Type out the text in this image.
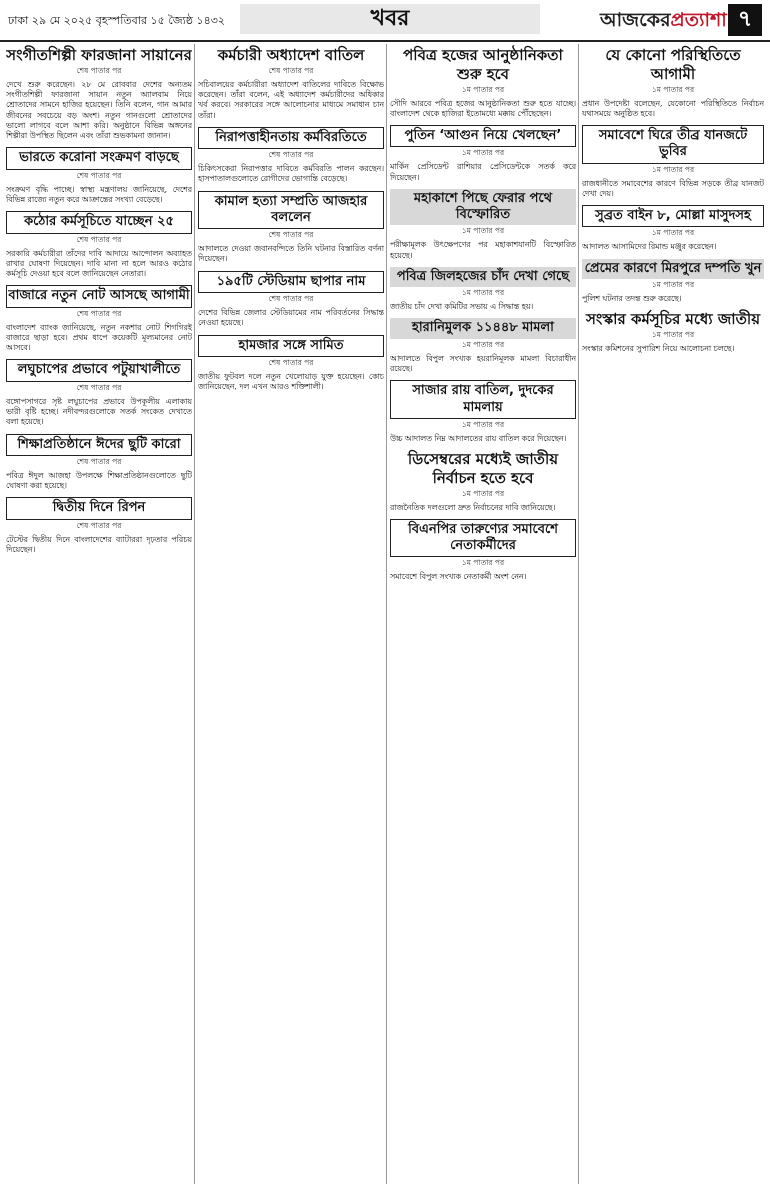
ঢাকা ২৯ মে ২০২৫ বৃহস্পতিবার ১৫ জ্যৈষ্ঠ ১৪৩২	খবর	আজকেরপ্রত্যাশা ৭
সংগীতশিল্পী ফারজানা সায়ানের
শেষ পাতার পর
দেখে শুরু করেছেন। ২৮ মে রোববার দেশের অন্যতম সংগীতশিল্পী ফারজানা সায়ান নতুন অ্যালবাম নিয়ে শ্রোতাদের সামনে হাজির হয়েছেন। তিনি বলেন, গান আমার জীবনের সবচেয়ে বড় অংশ। নতুন গানগুলো শ্রোতাদের ভালো লাগবে বলে আশা করি। অনুষ্ঠানে বিভিন্ন অঙ্গনের শিল্পীরা উপস্থিত ছিলেন এবং তাঁরা শুভকামনা জানান।
ভারতে করোনা সংক্রমণ বাড়ছে
শেষ পাতার পর
সংক্রমণ বৃদ্ধি পাচ্ছে। স্বাস্থ্য মন্ত্রণালয় জানিয়েছে, দেশের বিভিন্ন রাজ্যে নতুন করে আক্রান্তের সংখ্যা বেড়েছে।
কঠোর কর্মসূচিতে যাচ্ছেন ২৫
শেষ পাতার পর
সরকারি কর্মচারীরা তাঁদের দাবি আদায়ে আন্দোলন অব্যাহত রাখার ঘোষণা দিয়েছেন। দাবি মানা না হলে আরও কঠোর কর্মসূচি দেওয়া হবে বলে জানিয়েছেন নেতারা।
বাজারে নতুন নোট আসছে আগামী
শেষ পাতার পর
বাংলাদেশ ব্যাংক জানিয়েছে, নতুন নকশার নোট শিগগিরই বাজারে ছাড়া হবে। প্রথম ধাপে কয়েকটি মূল্যমানের নোট আসবে।
লঘুচাপের প্রভাবে পটুয়াখালীতে
শেষ পাতার পর
বঙ্গোপসাগরে সৃষ্ট লঘুচাপের প্রভাবে উপকূলীয় এলাকায় ভারী বৃষ্টি হচ্ছে। নদীবন্দরগুলোকে সতর্ক সংকেত দেখাতে বলা হয়েছে।
শিক্ষাপ্রতিষ্ঠানে ঈদের ছুটি কারো
শেষ পাতার পর
পবিত্র ঈদুল আজহা উপলক্ষে শিক্ষাপ্রতিষ্ঠানগুলোতে ছুটি ঘোষণা করা হয়েছে।
দ্বিতীয় দিনে রিপন
শেষ পাতার পর
টেস্টের দ্বিতীয় দিনে বাংলাদেশের ব্যাটাররা দৃঢ়তার পরিচয় দিয়েছেন।
কর্মচারী অধ্যাদেশ বাতিল
শেষ পাতার পর
সচিবালয়ের কর্মচারীরা অধ্যাদেশ বাতিলের দাবিতে বিক্ষোভ করেছেন। তাঁরা বলেন, এই অধ্যাদেশ কর্মচারীদের অধিকার খর্ব করবে। সরকারের সঙ্গে আলোচনার মাধ্যমে সমাধান চান তাঁরা।
নিরাপত্তাহীনতায় কর্মবিরতিতে
শেষ পাতার পর
চিকিৎসকেরা নিরাপত্তার দাবিতে কর্মবিরতি পালন করছেন। হাসপাতালগুলোতে রোগীদের ভোগান্তি বেড়েছে।
কামাল হত্যা সম্প্রতি আজহার বললেন
শেষ পাতার পর
আদালতে দেওয়া জবানবন্দিতে তিনি ঘটনার বিস্তারিত বর্ণনা দিয়েছেন।
১৯৫টি স্টেডিয়াম ছাপার নাম
শেষ পাতার পর
দেশের বিভিন্ন জেলার স্টেডিয়ামের নাম পরিবর্তনের সিদ্ধান্ত নেওয়া হয়েছে।
হামজার সঙ্গে সামিত
শেষ পাতার পর
জাতীয় ফুটবল দলে নতুন খেলোয়াড় যুক্ত হয়েছেন। কোচ জানিয়েছেন, দল এখন আরও শক্তিশালী।
পবিত্র হজের আনুষ্ঠানিকতা শুরু হবে
১ম পাতার পর
সৌদি আরবে পবিত্র হজের আনুষ্ঠানিকতা শুরু হতে যাচ্ছে। বাংলাদেশ থেকে হাজিরা ইতোমধ্যে মক্কায় পৌঁছেছেন।
পুতিন ‘আগুন নিয়ে খেলছেন’
১ম পাতার পর
মার্কিন প্রেসিডেন্ট রাশিয়ার প্রেসিডেন্টকে সতর্ক করে দিয়েছেন।
মহাকাশে পিছে ফেরার পথে বিস্ফোরিত
১ম পাতার পর
পরীক্ষামূলক উৎক্ষেপণের পর মহাকাশযানটি বিস্ফোরিত হয়েছে।
পবিত্র জিলহজের চাঁদ দেখা গেছে
১ম পাতার পর
জাতীয় চাঁদ দেখা কমিটির সভায় এ সিদ্ধান্ত হয়।
হারানিমুলক ১১৪৪৮ মামলা
১ম পাতার পর
আদালতে বিপুল সংখ্যক হয়রানিমূলক মামলা বিচারাধীন রয়েছে।
সাজার রায় বাতিল, দুদকের মামলায়
১ম পাতার পর
উচ্চ আদালত নিম্ন আদালতের রায় বাতিল করে দিয়েছেন।
ডিসেম্বরের মধ্যেই জাতীয় নির্বাচন হতে হবে
১ম পাতার পর
রাজনৈতিক দলগুলো দ্রুত নির্বাচনের দাবি জানিয়েছে।
বিএনপির তারুণ্যের সমাবেশে নেতাকর্মীদের
১ম পাতার পর
সমাবেশে বিপুল সংখ্যক নেতাকর্মী অংশ নেন।
যে কোনো পরিস্থিতিতে আগামী
১ম পাতার পর
প্রধান উপদেষ্টা বলেছেন, যেকোনো পরিস্থিতিতে নির্বাচন যথাসময়ে অনুষ্ঠিত হবে।
সমাবেশে ঘিরে তীব্র যানজটে ভুবির
১ম পাতার পর
রাজধানীতে সমাবেশের কারণে বিভিন্ন সড়কে তীব্র যানজট দেখা দেয়।
সুব্রত বাইন ৮, মোল্লা মাসুদসহ
১ম পাতার পর
আদালত আসামিদের রিমান্ড মঞ্জুর করেছেন।
প্রেমের কারণে মিরপুরে দম্পতি খুন
১ম পাতার পর
পুলিশ ঘটনার তদন্ত শুরু করেছে।
সংস্কার কর্মসূচির মধ্যে জাতীয়
১ম পাতার পর
সংস্কার কমিশনের সুপারিশ নিয়ে আলোচনা চলছে।
